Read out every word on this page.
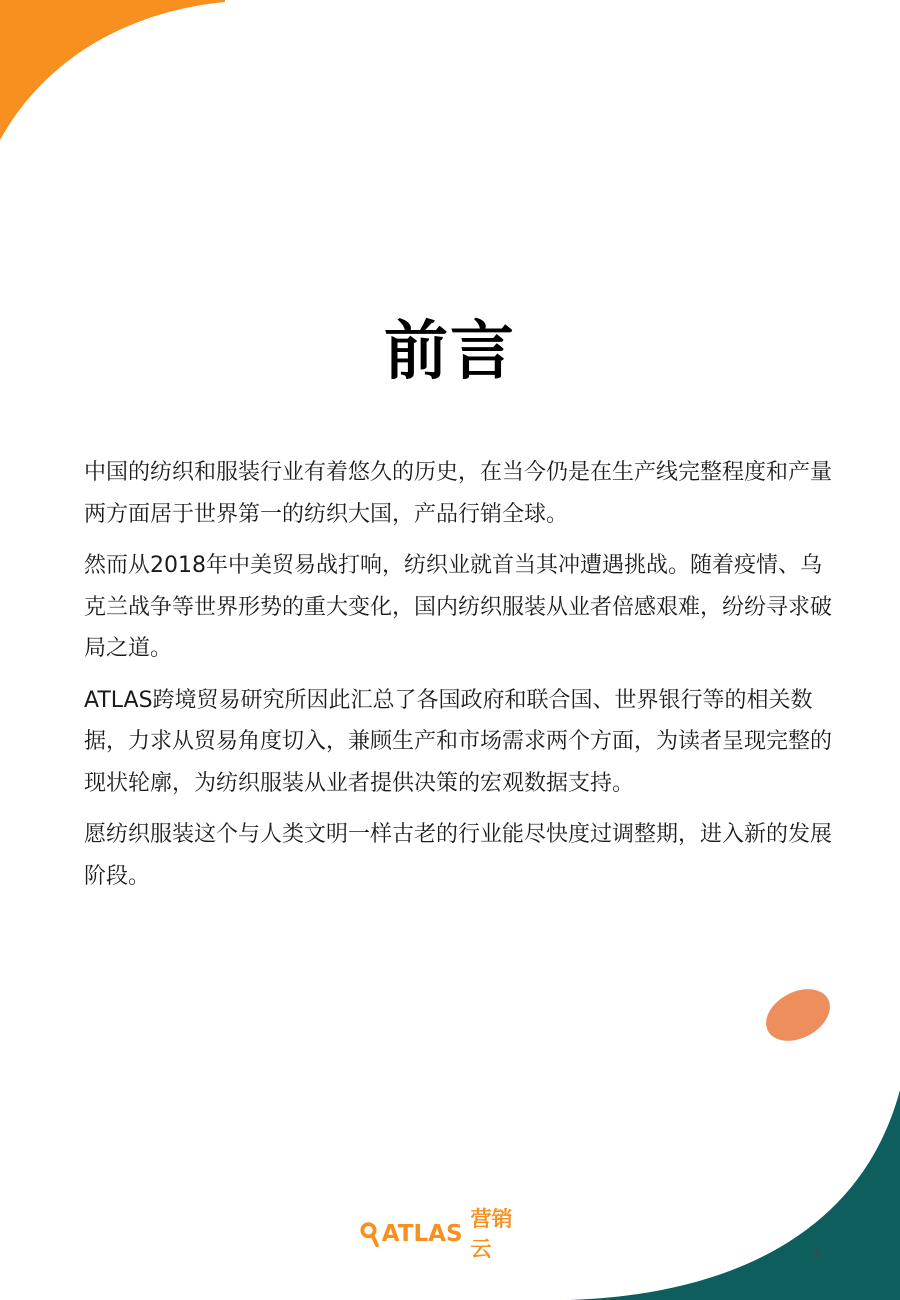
前言

中国的纺织和服装行业有着悠久的历史，在当今仍是在生产线完整程度和产量两方面居于世界第一的纺织大国，产品行销全球。

然而从2018年中美贸易战打响，纺织业就首当其冲遭遇挑战。随着疫情、乌克兰战争等世界形势的重大变化，国内纺织服装从业者倍感艰难，纷纷寻求破局之道。

ATLAS跨境贸易研究所因此汇总了各国政府和联合国、世界银行等的相关数据，力求从贸易角度切入，兼顾生产和市场需求两个方面，为读者呈现完整的现状轮廓，为纺织服装从业者提供决策的宏观数据支持。

愿纺织服装这个与人类文明一样古老的行业能尽快度过调整期，进入新的发展阶段。

ATLAS
营销云	2
